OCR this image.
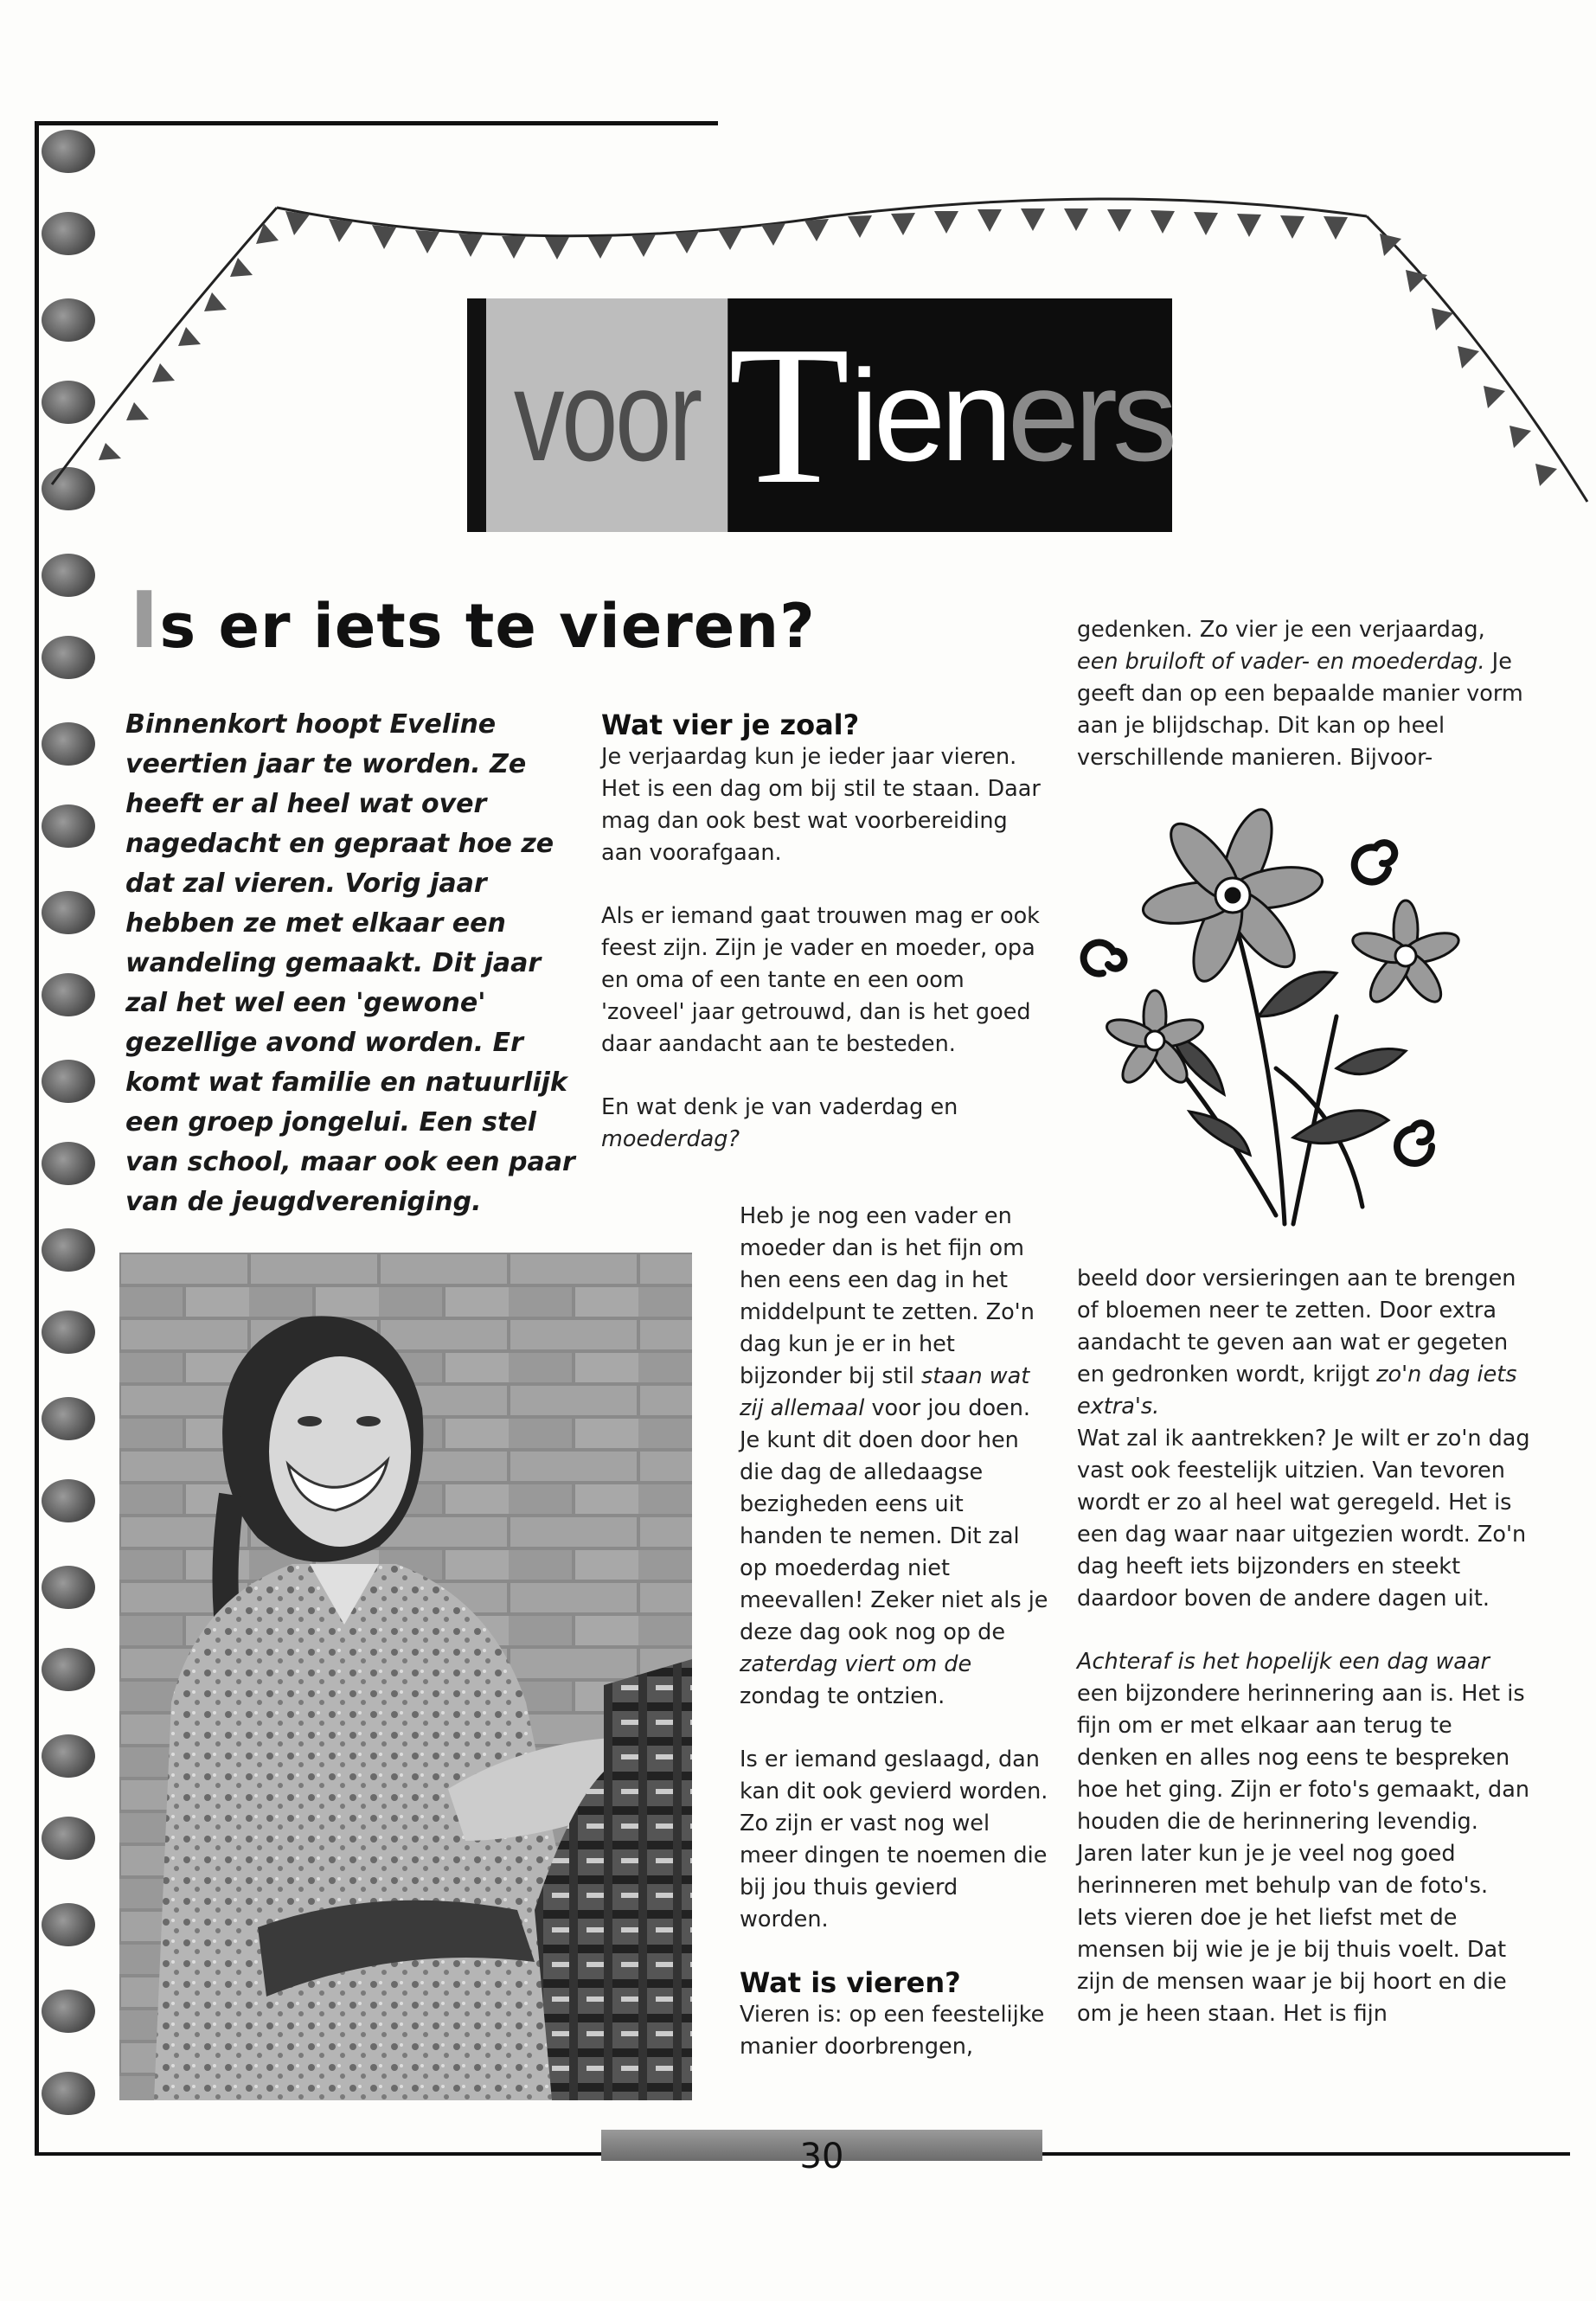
voor T ien ers
Is er iets te vieren?
Binnenkort hoopt Eveline veertien jaar te worden. Ze heeft er al heel wat over nagedacht en gepraat hoe ze dat zal vieren. Vorig jaar hebben ze met elkaar een wandeling gemaakt. Dit jaar zal het wel een 'gewone' gezellige avond worden. Er komt wat familie en natuurlijk een groep jongelui. Een stel van school, maar ook een paar van de jeugdvereniging.
Wat vier je zoal?

Je verjaardag kun je ieder jaar vieren. Het is een dag om bij stil te staan. Daar mag dan ook best wat voorbereiding aan voorafgaan.

Als er iemand gaat trouwen mag er ook feest zijn. Zijn je vader en moeder, opa en oma of een tante en een oom 'zoveel' jaar getrouwd, dan is het goed daar aandacht aan te besteden.

En wat denk je van vaderdag en
moederdag?

Heb je nog een vader en moeder dan is het fijn om hen eens een dag in het middelpunt te zetten. Zo'n dag kun je er in het bijzonder bij stil staan wat zij allemaal voor jou doen. Je kunt dit doen door hen die dag de alledaagse bezigheden eens uit handen te nemen. Dit zal op moederdag niet meevallen! Zeker niet als je deze dag ook nog op de zaterdag viert om de zondag te ontzien.

Is er iemand geslaagd, dan kan dit ook gevierd worden. Zo zijn er vast nog wel meer dingen te noemen die bij jou thuis gevierd worden.

Wat is vieren?

Vieren is: op een feestelijke manier doorbrengen,

gedenken. Zo vier je een verjaardag, een bruiloft of vader- en moederdag. Je geeft dan op een bepaalde manier vorm aan je blijdschap. Dit kan op heel verschillende manieren. Bijvoor-

beeld door versieringen aan te brengen of bloemen neer te zetten. Door extra aandacht te geven aan wat er gegeten en gedronken wordt, krijgt zo'n dag iets extra's.
Wat zal ik aantrekken? Je wilt er zo'n dag vast ook feestelijk uitzien. Van tevoren wordt er zo al heel wat geregeld. Het is een dag waar naar uitgezien wordt. Zo'n dag heeft iets bijzonders en steekt daardoor boven de andere dagen uit.

Achteraf is het hopelijk een dag waar een bijzondere herinnering aan is. Het is fijn om er met elkaar aan terug te denken en alles nog eens te bespreken hoe het ging. Zijn er foto's gemaakt, dan houden die de herinnering levendig. Jaren later kun je je veel nog goed herinneren met behulp van de foto's.
Iets vieren doe je het liefst met de mensen bij wie je je bij thuis voelt. Dat zijn de mensen waar je bij hoort en die om je heen staan. Het is fijn

30
